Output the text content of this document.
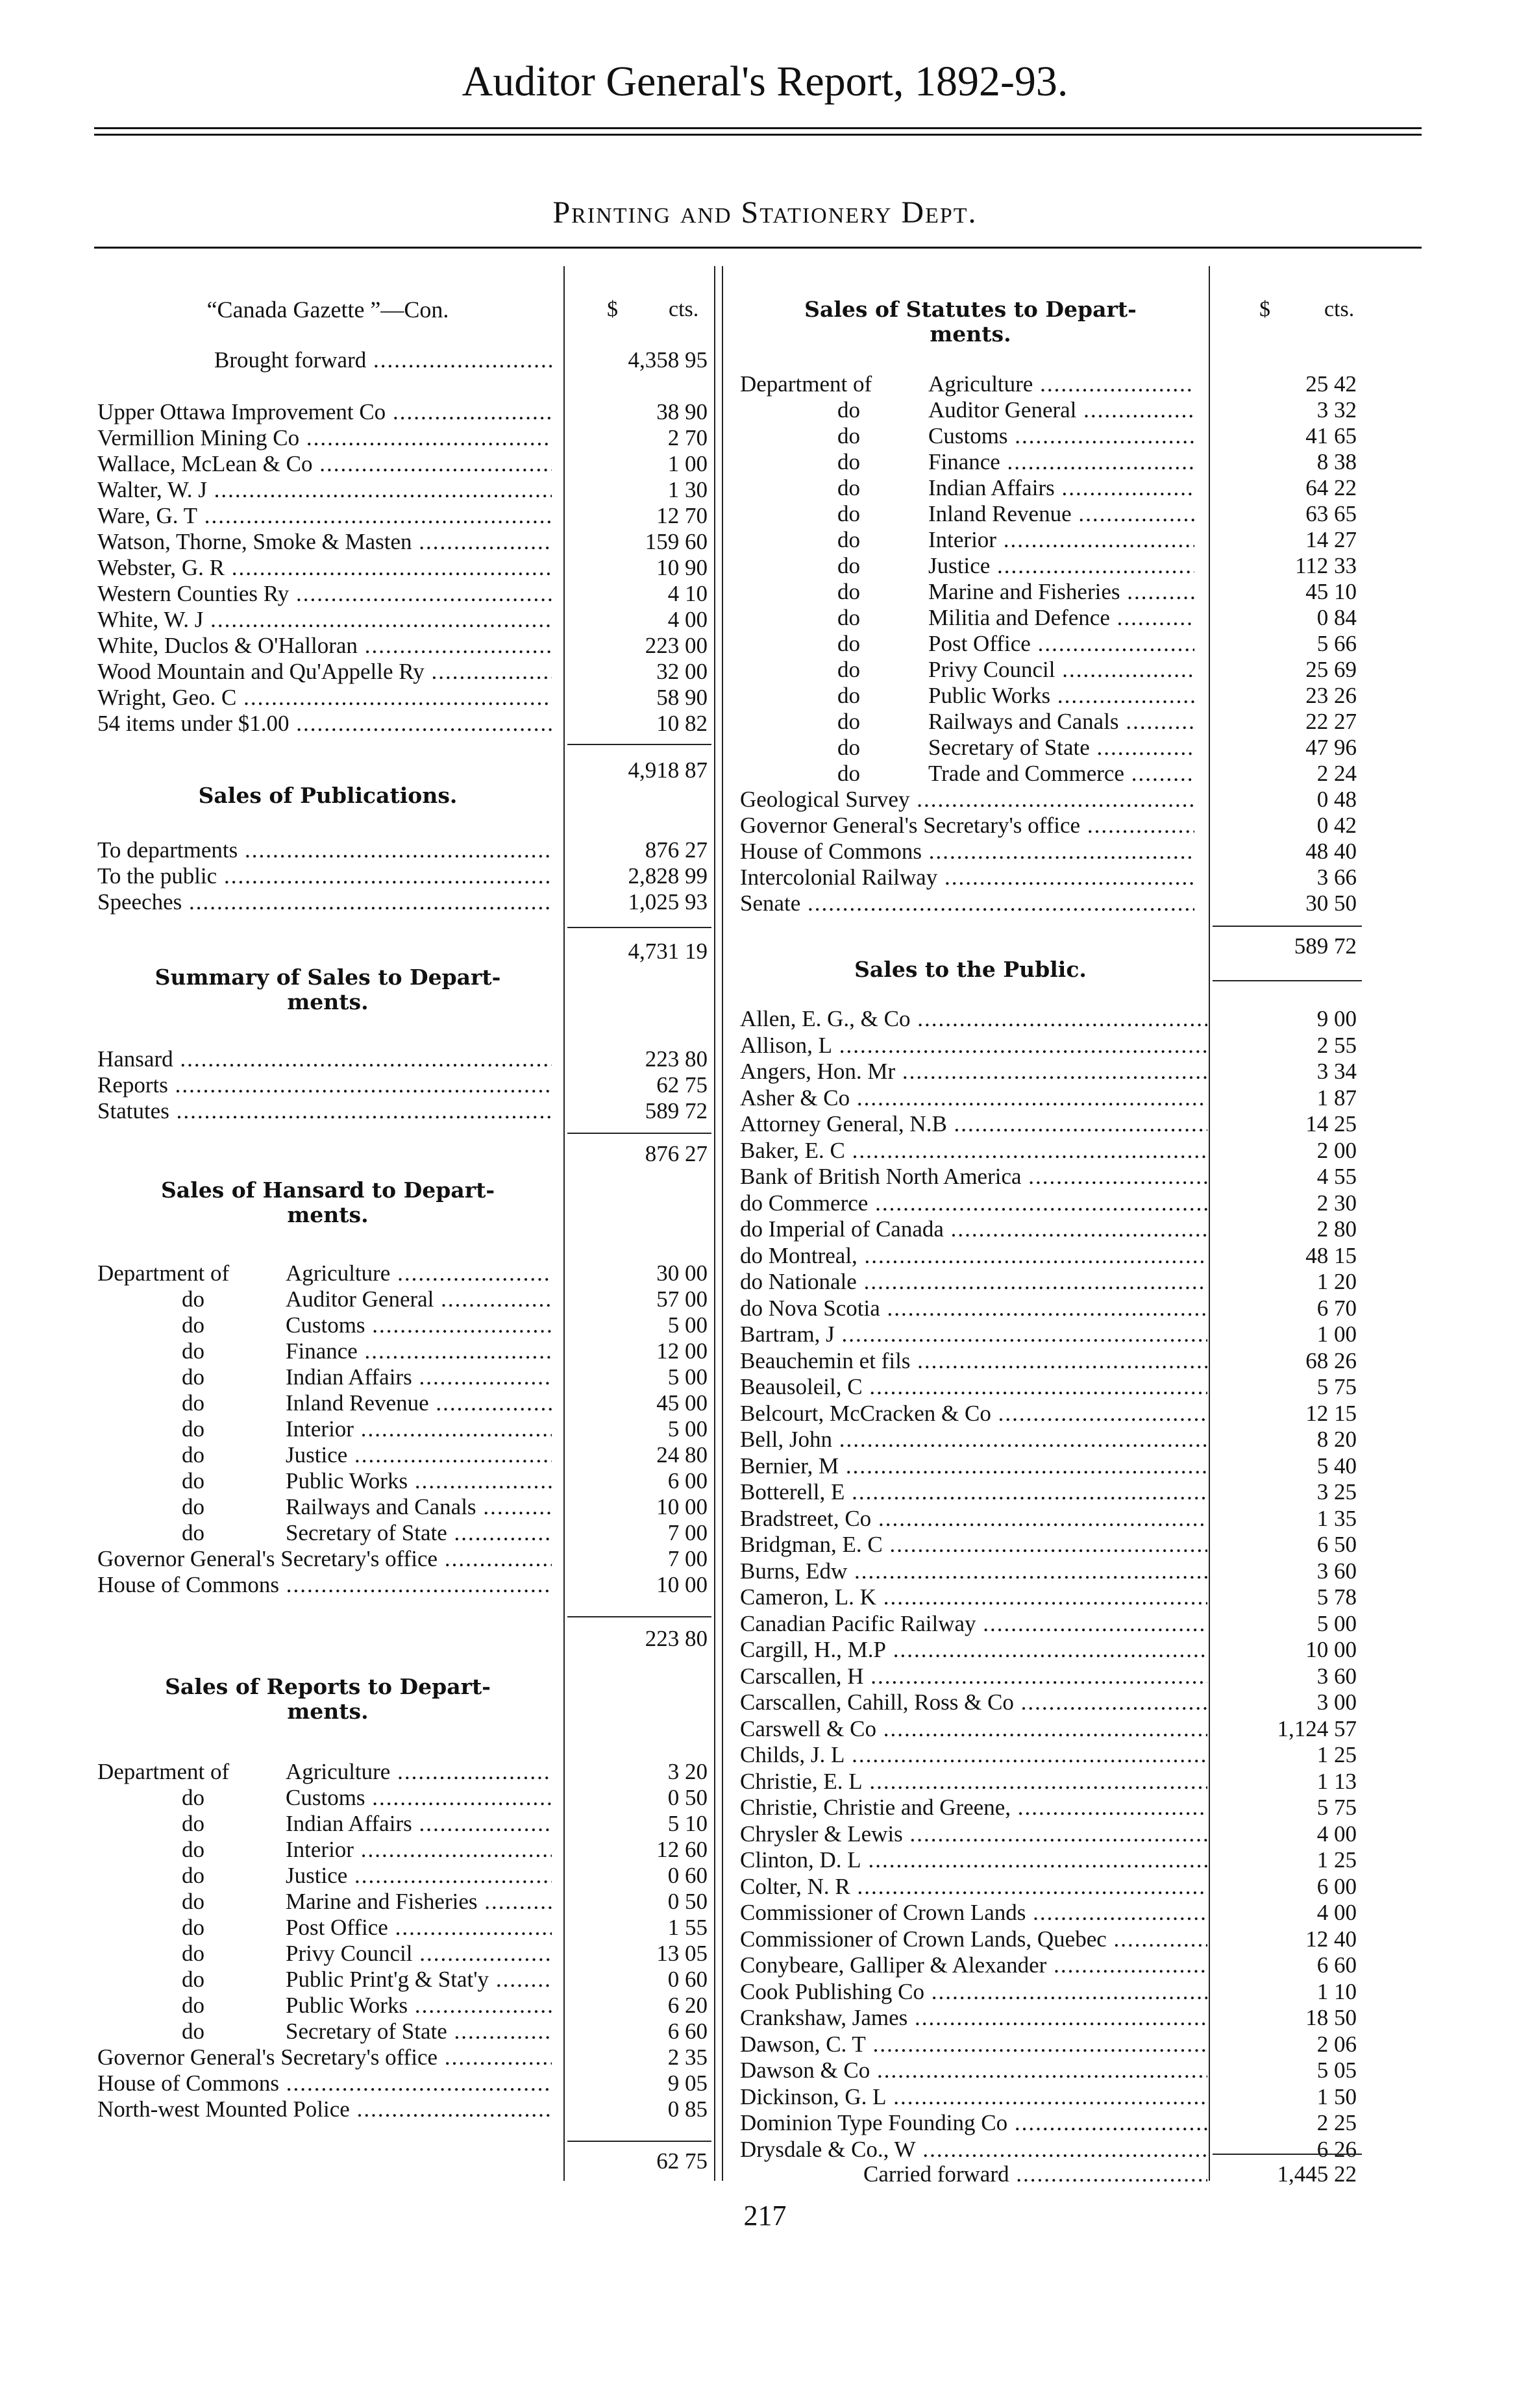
Auditor General's Report, 1892-93.
Printing and Stationery Dept.
$ cts.	$ cts.
“Canada Gazette ”—Con.
Brought forward .....	4,358 95
Upper Ottawa Improvement Co .....	38 90
Vermillion Mining Co .....	2 70
Wallace, McLean & Co .....	1 00
Walter, W. J .....	1 30
Ware, G. T .....	12 70
Watson, Thorne, Smoke & Masten .....	159 60
Webster, G. R .....	10 90
Western Counties Ry .....	4 10
White, W. J .....	4 00
White, Duclos & O'Halloran .....	223 00
Wood Mountain and Qu'Appelle Ry .....	32 00
Wright, Geo. C .....	58 90
54 items under $1.00 .....	10 82
4,918 87
Sales of Publications.
To departments .....	876 27
To the public .....	2,828 99
Speeches .....	1,025 93
4,731 19
Summary of Sales to Depart-
ments.
Hansard .....	223 80
Reports .....	62 75
Statutes .....	589 72
876 27
Sales of Hansard to Depart-
ments.
Department of	Agriculture .....	30 00
do	Auditor General .....	57 00
do	Customs .....	5 00
do	Finance .....	12 00
do	Indian Affairs .....	5 00
do	Inland Revenue .....	45 00
do	Interior .....	5 00
do	Justice .....	24 80
do	Public Works .....	6 00
do	Railways and Canals .....	10 00
do	Secretary of State .....	7 00
Governor General's Secretary's office .....	7 00
House of Commons .....	10 00
223 80
Sales of Reports to Depart-
ments.
Department of	Agriculture .....	3 20
do	Customs .....	0 50
do	Indian Affairs .....	5 10
do	Interior .....	12 60
do	Justice .....	0 60
do	Marine and Fisheries .....	0 50
do	Post Office .....	1 55
do	Privy Council .....	13 05
do	Public Print'g & Stat'y .....	0 60
do	Public Works .....	6 20
do	Secretary of State .....	6 60
Governor General's Secretary's office .....	2 35
House of Commons .....	9 05
North-west Mounted Police .....	0 85
62 75
Sales of Statutes to Depart-
ments.
Department of	Agriculture .....	25 42
do	Auditor General .....	3 32
do	Customs .....	41 65
do	Finance .....	8 38
do	Indian Affairs .....	64 22
do	Inland Revenue .....	63 65
do	Interior .....	14 27
do	Justice .....	112 33
do	Marine and Fisheries .....	45 10
do	Militia and Defence .....	0 84
do	Post Office .....	5 66
do	Privy Council .....	25 69
do	Public Works .....	23 26
do	Railways and Canals .....	22 27
do	Secretary of State .....	47 96
do	Trade and Commerce .....	2 24
Geological Survey .....	0 48
Governor General's Secretary's office .....	0 42
House of Commons .....	48 40
Intercolonial Railway .....	3 66
Senate .....	30 50
589 72
Sales to the Public.
Allen, E. G., & Co .....	9 00
Allison, L .....	2 55
Angers, Hon. Mr .....	3 34
Asher & Co .....	1 87
Attorney General, N.B .....	14 25
Baker, E. C .....	2 00
Bank of British North America .....	4 55
do Commerce .....	2 30
do Imperial of Canada .....	2 80
do Montreal, .....	48 15
do Nationale .....	1 20
do Nova Scotia .....	6 70
Bartram, J .....	1 00
Beauchemin et fils .....	68 26
Beausoleil, C .....	5 75
Belcourt, McCracken & Co .....	12 15
Bell, John .....	8 20
Bernier, M .....	5 40
Botterell, E .....	3 25
Bradstreet, Co .....	1 35
Bridgman, E. C .....	6 50
Burns, Edw .....	3 60
Cameron, L. K .....	5 78
Canadian Pacific Railway .....	5 00
Cargill, H., M.P .....	10 00
Carscallen, H .....	3 60
Carscallen, Cahill, Ross & Co .....	3 00
Carswell & Co .....	1,124 57
Childs, J. L .....	1 25
Christie, E. L .....	1 13
Christie, Christie and Greene, .....	5 75
Chrysler & Lewis .....	4 00
Clinton, D. L .....	1 25
Colter, N. R .....	6 00
Commissioner of Crown Lands .....	4 00
Commissioner of Crown Lands, Quebec .....	12 40
Conybeare, Galliper & Alexander .....	6 60
Cook Publishing Co .....	1 10
Crankshaw, James .....	18 50
Dawson, C. T .....	2 06
Dawson & Co .....	5 05
Dickinson, G. L .....	1 50
Dominion Type Founding Co .....	2 25
Drysdale & Co., W .....	6 26
Carried forward .....	1,445 22
217
